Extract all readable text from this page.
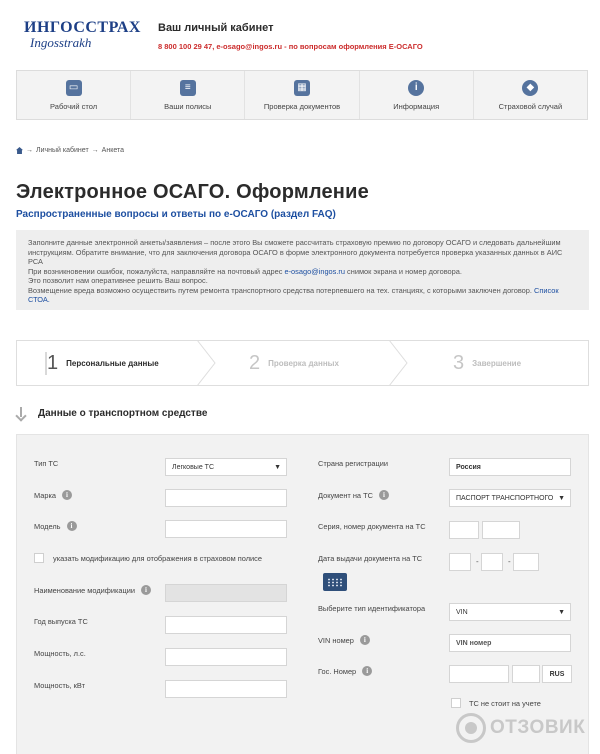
ИНГОССТРАХ
Ingosstrakh
Ваш личный кабинет
8 800 100 29 47, e-osago@ingos.ru - по вопросам оформления Е-ОСАГО
▭
Рабочий стол
≡
Ваши полисы
▦
Проверка документов
i
Информация
◆
Страховой случай
→ Личный кабинет → Анкета
Электронное ОСАГО. Оформление
Распространенные вопросы и ответы по е-ОСАГО (раздел FAQ)

Заполните данные электронной анкеты/заявления – после этого Вы сможете рассчитать страховую премию по договору ОСАГО и следовать дальнейшим инструкциям. Обратите внимание, что для заключения договора ОСАГО в форме электронного документа потребуется проверка указанных данных в АИС РСА

При возникновении ошибок, пожалуйста, направляйте на почтовый адрес e-osago@ingos.ru снимок экрана и номер договора.

Это позволит нам оперативнее решить Ваш вопрос.

Возмещение вреда возможно осуществить путем ремонта транспортного средства потерпевшего на тех. станциях, с которыми заключен договор. Список СТОА.

1 Персональные данные	2 Проверка данных	3 Завершение
Данные о транспортном средстве
Тип ТС	Легковые ТС	▼
Марка	i
Модель	i
указать модификацию для отображения в страховом полисе
Наименование модификации	i
Год выпуска ТС
Мощность, л.с.
Мощность, кВт
Страна регистрации	Россия
Документ на ТС	i	ПАСПОРТ ТРАНСПОРТНОГО ▼
Серия, номер документа на ТС
Дата выдачи документа на ТС	-	-
Выберите тип идентификатора	VIN	▼
VIN номер	i	VIN номер
Гос. Номер	i	RUS
ТС не стоит на учете
ОТЗОВИК
